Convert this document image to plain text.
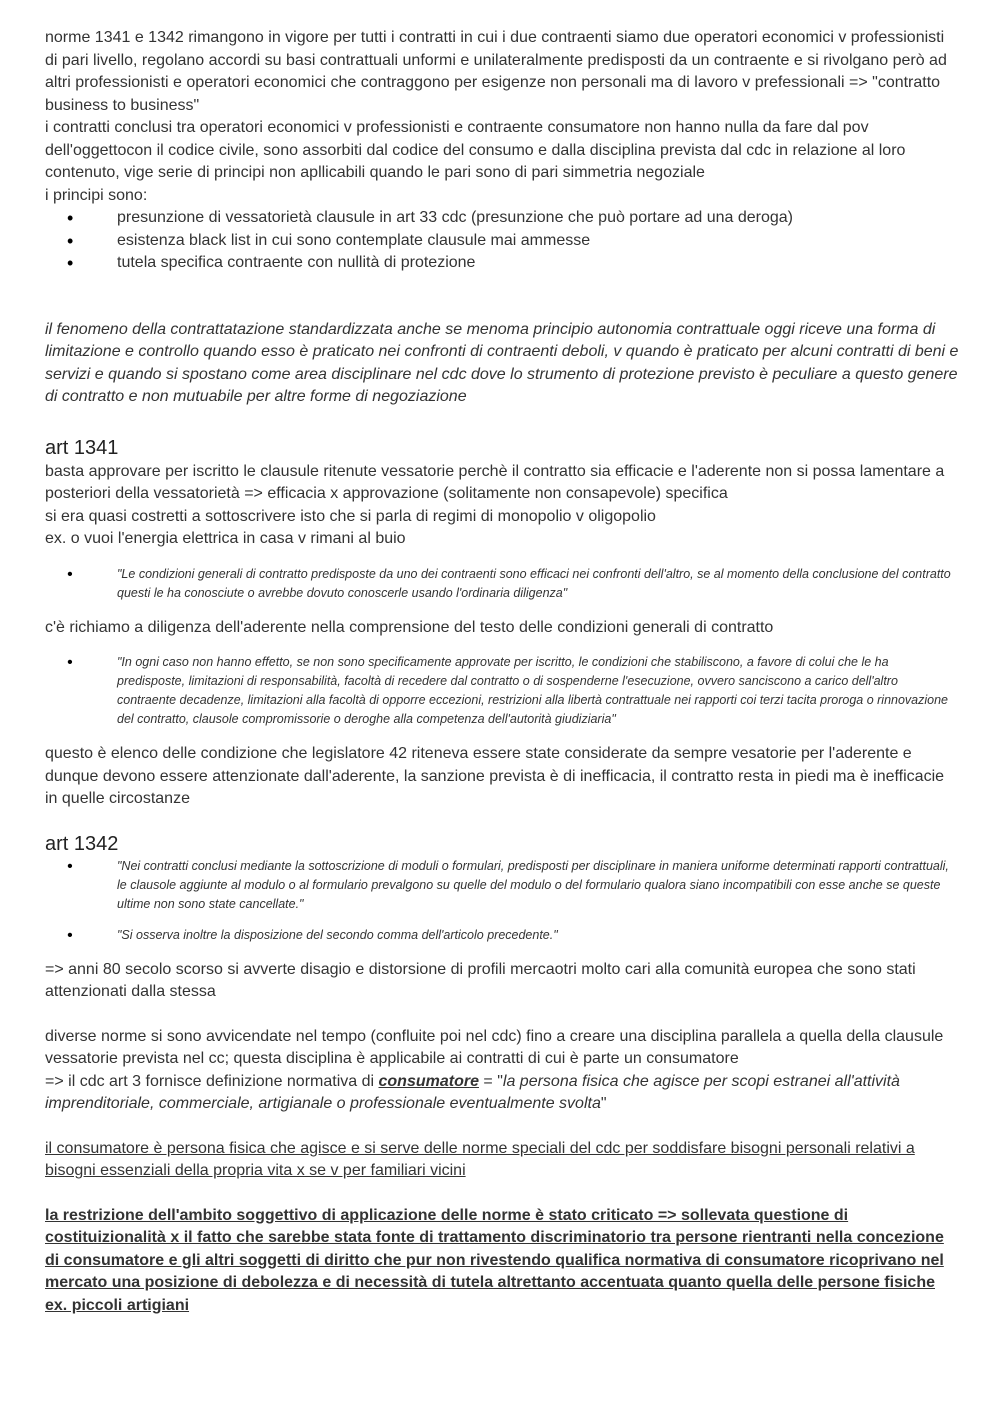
norme 1341 e 1342 rimangono in vigore per tutti i contratti in cui i due contraenti siamo due operatori economici v professionisti di pari livello, regolano accordi su basi contrattuali unformi e unilateralmente predisposti da un contraente e si rivolgano però ad altri professionisti e operatori economici che contraggono per esigenze non personali ma di lavoro v prefessionali => "contratto business to business"

i contratti conclusi tra operatori economici v professionisti e contraente consumatore non hanno nulla da fare dal pov dell'oggettocon il codice civile, sono assorbiti dal codice del consumo e dalla disciplina prevista dal cdc in relazione al loro contenuto, vige serie di principi non apllicabili quando le pari sono di pari simmetria negoziale

i principi sono:

• presunzione di vessatorietà clausule in art 33 cdc (presunzione che può portare ad una deroga)
• esistenza black list in cui sono contemplate clausule mai ammesse
• tutela specifica contraente con nullità di protezione

il fenomeno della contrattatazione standardizzata anche se menoma principio autonomia contrattuale oggi riceve una forma di limitazione e controllo quando esso è praticato nei confronti di contraenti deboli, v quando è praticato per alcuni contratti di beni e servizi e quando si spostano come area disciplinare nel cdc dove lo strumento di protezione previsto è peculiare a questo genere di contratto e non mutuabile per altre forme di negoziazione

art 1341

basta approvare per iscritto le clausule ritenute vessatorie perchè il contratto sia efficacie e l'aderente non si possa lamentare a posteriori della vessatorietà => efficacia x approvazione (solitamente non consapevole) specifica

si era quasi costretti a sottoscrivere isto che si parla di regimi di monopolio v oligopolio

ex. o vuoi l'energia elettrica in casa v rimani al buio

• "Le condizioni generali di contratto predisposte da uno dei contraenti sono efficaci nei confronti dell'altro, se al momento della conclusione del contratto questi le ha conosciute o avrebbe dovuto conoscerle usando l'ordinaria diligenza"

c'è richiamo a diligenza dell'aderente nella comprensione del testo delle condizioni generali di contratto

• "In ogni caso non hanno effetto, se non sono specificamente approvate per iscritto, le condizioni che stabiliscono, a favore di colui che le ha predisposte, limitazioni di responsabilità, facoltà di recedere dal contratto o di sospenderne l'esecuzione, ovvero sanciscono a carico dell'altro contraente decadenze, limitazioni alla facoltà di opporre eccezioni, restrizioni alla libertà contrattuale nei rapporti coi terzi tacita proroga o rinnovazione del contratto, clausole compromissorie o deroghe alla competenza dell'autorità giudiziaria"

questo è elenco delle condizione che legislatore 42 riteneva essere state considerate da sempre vesatorie per l'aderente e dunque devono essere attenzionate dall'aderente, la sanzione prevista è di inefficacia, il contratto resta in piedi ma è inefficacie in quelle circostanze

art 1342
• "Nei contratti conclusi mediante la sottoscrizione di moduli o formulari, predisposti per disciplinare in maniera uniforme determinati rapporti contrattuali, le clausole aggiunte al modulo o al formulario prevalgono su quelle del modulo o del formulario qualora siano incompatibili con esse anche se queste ultime non sono state cancellate."
• "Si osserva inoltre la disposizione del secondo comma dell'articolo precedente."

=> anni 80 secolo scorso si avverte disagio e distorsione di profili mercaotri molto cari alla comunità europea che sono stati attenzionati dalla stessa

diverse norme si sono avvicendate nel tempo (confluite poi nel cdc) fino a creare una disciplina parallela a quella della clausule vessatorie prevista nel cc; questa disciplina è applicabile ai contratti di cui è parte un consumatore

=> il cdc art 3 fornisce definizione normativa di consumatore = "la persona fisica che agisce per scopi estranei all'attività imprenditoriale, commerciale, artigianale o professionale eventualmente svolta"

il consumatore è persona fisica che agisce e si serve delle norme speciali del cdc per soddisfare bisogni personali relativi a bisogni essenziali della propria vita x se v per familiari vicini

la restrizione dell'ambito soggettivo di applicazione delle norme è stato criticato => sollevata questione di costituizionalità x il fatto che sarebbe stata fonte di trattamento discriminatorio tra persone rientranti nella concezione di consumatore e gli altri soggetti di diritto che pur non rivestendo qualifica normativa di consumatore ricoprivano nel mercato una posizione di debolezza e di necessità di tutela altrettanto accentuata quanto quella delle persone fisiche ex. piccoli artigiani
